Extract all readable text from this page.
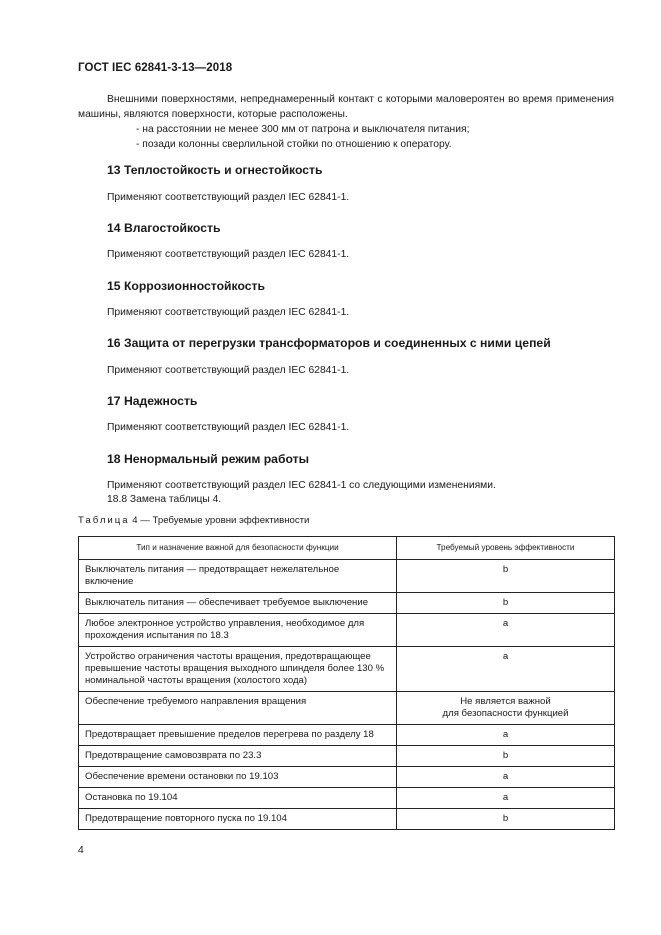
ГОСТ IEC 62841-3-13—2018

Внешними поверхностями, непреднамеренный контакт с которыми маловероятен во время применения машины, являются поверхности, которые расположены.

- на расстоянии не менее 300 мм от патрона и выключателя питания;

- позади колонны сверлильной стойки по отношению к оператору.

13 Теплостойкость и огнестойкость
Применяют соответствующий раздел IEC 62841-1.
14 Влагостойкость
Применяют соответствующий раздел IEC 62841-1.
15 Коррозионностойкость
Применяют соответствующий раздел IEC 62841-1.
16 Защита от перегрузки трансформаторов и соединенных с ними цепей
Применяют соответствующий раздел IEC 62841-1.
17 Надежность
Применяют соответствующий раздел IEC 62841-1.
18 Ненормальный режим работы
Применяют соответствующий раздел IEC 62841-1 со следующими изменениями.
18.8 Замена таблицы 4.
Таблица 4 — Требуемые уровни эффективности
Тип и назначение важной для безопасности функции	Требуемый уровень эффективности
Выключатель питания — предотвращает нежелательное включение	b
Выключатель питания — обеспечивает требуемое выключение	b
Любое электронное устройство управления, необходимое для прохождения испытания по 18.3	a
Устройство ограничения частоты вращения, предотвращающее превышение частоты вращения выходного шпинделя более 130 % номинальной частоты вращения (холостого хода)	a
Обеспечение требуемого направления вращения	Не является важной
для безопасности функцией
Предотвращает превышение пределов перегрева по разделу 18	a
Предотвращение самовозврата по 23.3	b
Обеспечение времени остановки по 19.103	a
Остановка по 19.104	a
Предотвращение повторного пуска по 19.104	b
4
